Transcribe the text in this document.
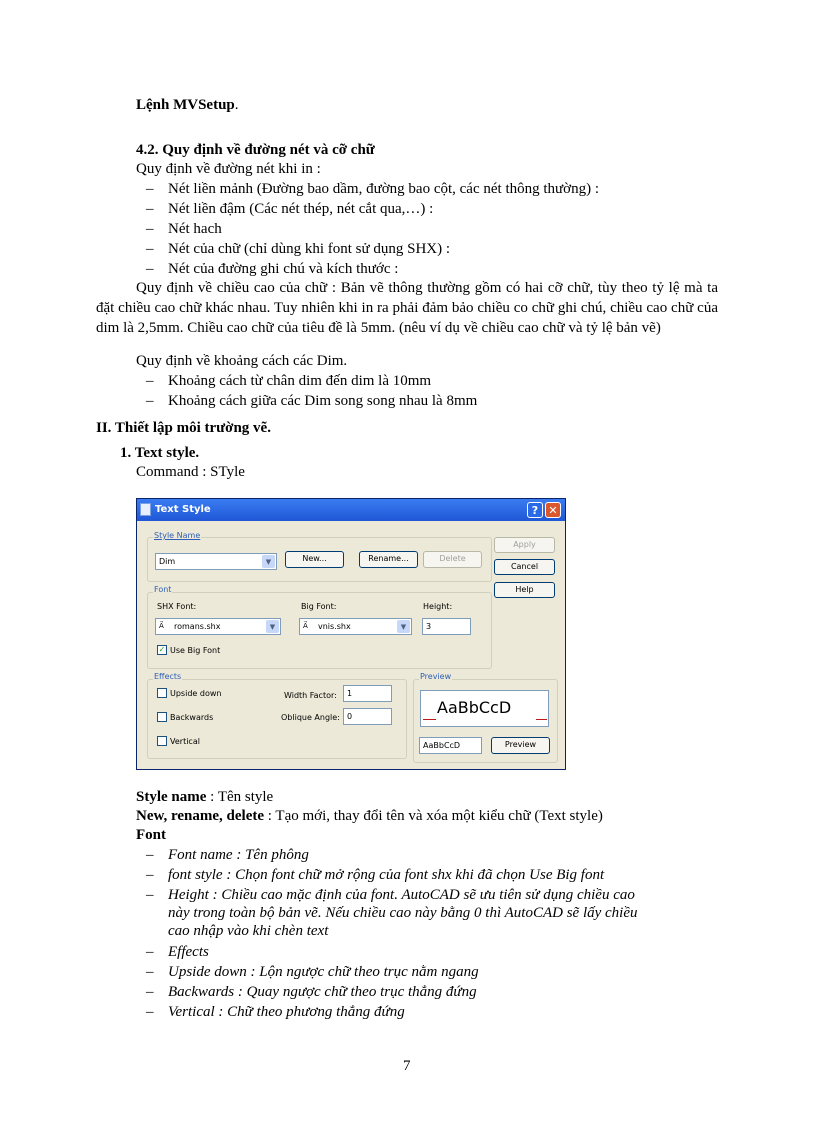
Lệnh MVSetup.
4.2. Quy định về đường nét và cỡ chữ
Quy định về đường nét khi in :
– Nét liền mảnh (Đường bao dầm, đường bao cột, các nét thông thường) :
– Nét liền đậm (Các nét thép, nét cắt qua,…) :
– Nét hach
– Nét của chữ (chỉ dùng khi font sử dụng SHX) :
– Nét của đường ghi chú và kích thước :
Quy định về chiều cao của chữ : Bản vẽ thông thường gồm có hai cỡ chữ, tùy theo tỷ lệ mà ta đặt chiều cao chữ khác nhau. Tuy nhiên khi in ra phải đảm bảo chiều co chữ ghi chú, chiều cao chữ của dim là 2,5mm. Chiều cao chữ của tiêu đề là 5mm. (nêu ví dụ về chiều cao chữ và tỷ lệ bản vẽ)
Quy định về khoảng cách các Dim.
– Khoảng cách từ chân dim đến dim là 10mm
– Khoảng cách giữa các Dim song song nhau là 8mm
II. Thiết lập môi trường vẽ.
1. Text style.
Command : STyle
Text Style	? ✕
Style Name
Dim	▼	New...	Rename...	Delete
Apply
Cancel
Help
Font
SHX Font:	Big Font:	Height:
A⃗ romans.shx	▼	A⃗ vnis.shx	▼	3
✓ Use Big Font
Effects
Upside down
Backwards
Vertical
Width Factor:	1
Oblique Angle: 0
Preview
AaBbCcD
AaBbCcD	Preview
Style name : Tên style
New, rename, delete : Tạo mới, thay đổi tên và xóa một kiểu chữ (Text style)
Font
– Font name : Tên phông
– font style : Chọn font chữ mở rộng của font shx khi đã chọn Use Big font
– Height : Chiều cao mặc định của font. AutoCAD sẽ ưu tiên sử dụng chiều cao
này trong toàn bộ bản vẽ. Nếu chiều cao này bằng 0 thì AutoCAD sẽ lấy chiều
cao nhập vào khi chèn text
– Effects
– Upside down : Lộn ngược chữ theo trục nằm ngang
– Backwards : Quay ngược chữ theo trục thẳng đứng
– Vertical : Chữ theo phương thẳng đứng
7
